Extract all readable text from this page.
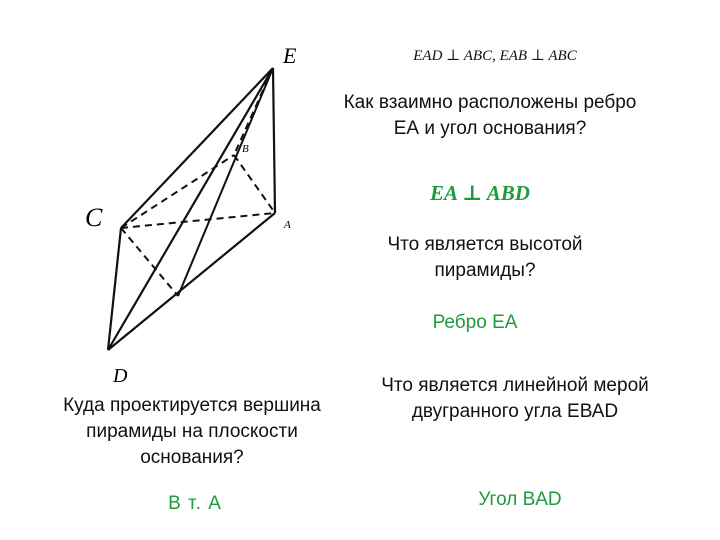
E
B
C	A
D
EAD ⊥ ABC, EAB ⊥ ABC
Как взаимно расположены ребро ЕА и угол основания?
EA ⊥ ABD
Что является высотой пирамиды?
Ребро ЕА
Куда проектируется вершина пирамиды на плоскости основания?
В т. А
Что является линейной мерой двугранного угла ЕВАD
Угол BAD
